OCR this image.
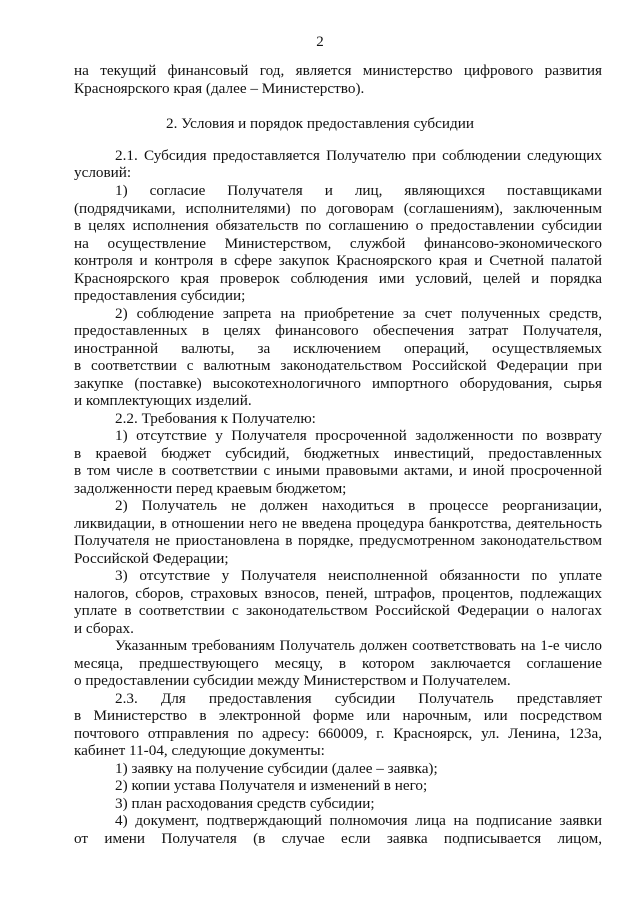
2
2. Условия и порядок предоставления субсидии
на текущий финансовый год, является министерство цифрового развития
Красноярского края (далее – Министерство).
2.1. Субсидия предоставляется Получателю при соблюдении следующих
условий:
1) согласие Получателя и лиц, являющихся поставщиками
(подрядчиками, исполнителями) по договорам (соглашениям), заключенным
в целях исполнения обязательств по соглашению о предоставлении субсидии
на осуществление Министерством, службой финансово-экономического
контроля и контроля в сфере закупок Красноярского края и Счетной палатой
Красноярского края проверок соблюдения ими условий, целей и порядка
предоставления субсидии;
2) соблюдение запрета на приобретение за счет полученных средств,
предоставленных в целях финансового обеспечения затрат Получателя,
иностранной валюты, за исключением операций, осуществляемых
в соответствии с валютным законодательством Российской Федерации при
закупке (поставке) высокотехнологичного импортного оборудования, сырья
и комплектующих изделий.
2.2. Требования к Получателю:
1) отсутствие у Получателя просроченной задолженности по возврату
в краевой бюджет субсидий, бюджетных инвестиций, предоставленных
в том числе в соответствии с иными правовыми актами, и иной просроченной
задолженности перед краевым бюджетом;
2) Получатель не должен находиться в процессе реорганизации,
ликвидации, в отношении него не введена процедура банкротства, деятельность
Получателя не приостановлена в порядке, предусмотренном законодательством
Российской Федерации;
3) отсутствие у Получателя неисполненной обязанности по уплате
налогов, сборов, страховых взносов, пеней, штрафов, процентов, подлежащих
уплате в соответствии с законодательством Российской Федерации о налогах
и сборах.
Указанным требованиям Получатель должен соответствовать на 1-е число
месяца, предшествующего месяцу, в котором заключается соглашение
о предоставлении субсидии между Министерством и Получателем.
2.3. Для предоставления субсидии Получатель представляет
в Министерство в электронной форме или нарочным, или посредством
почтового отправления по адресу: 660009, г. Красноярск, ул. Ленина, 123а,
кабинет 11-04, следующие документы:
1) заявку на получение субсидии (далее – заявка);
2) копии устава Получателя и изменений в него;
3) план расходования средств субсидии;
4) документ, подтверждающий полномочия лица на подписание заявки
от имени Получателя (в случае если заявка подписывается лицом,
